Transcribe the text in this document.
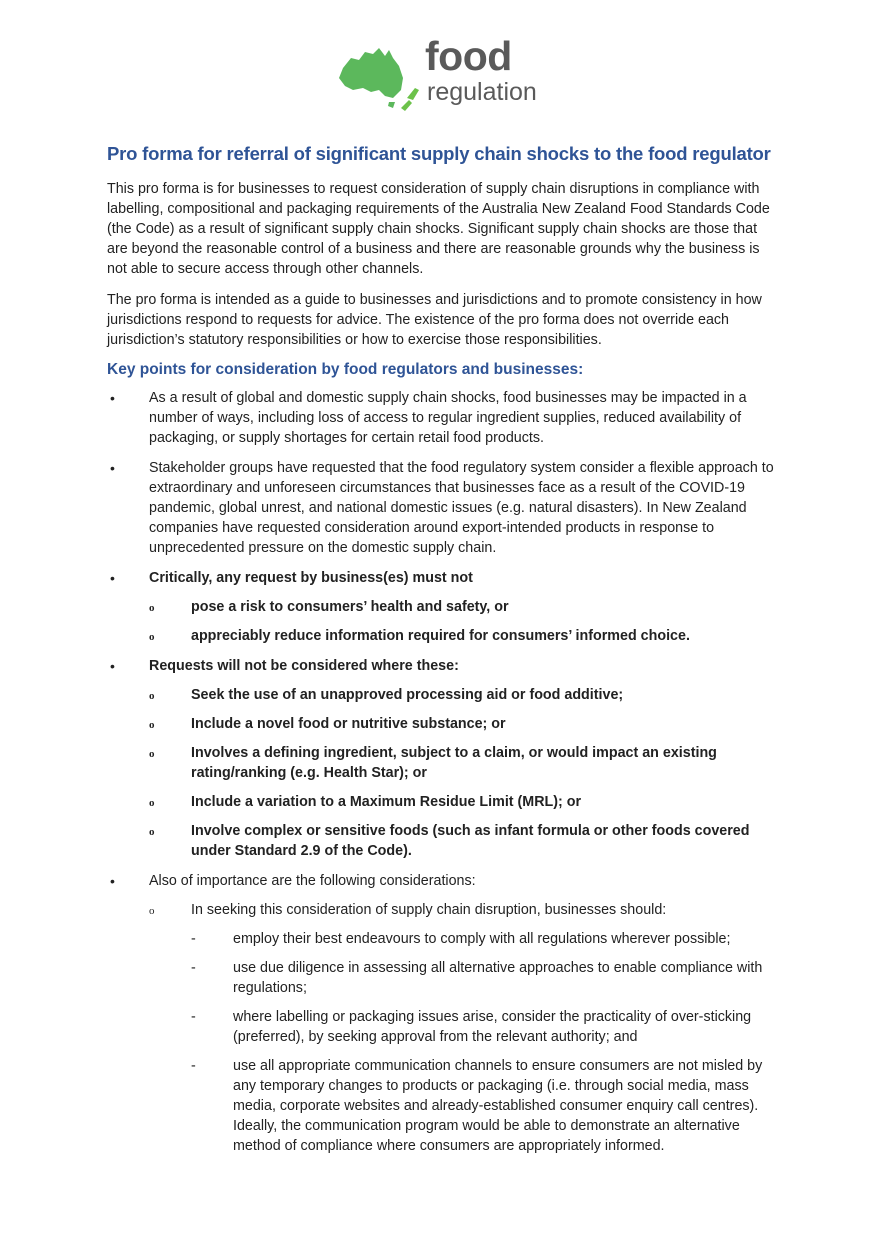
food
regulation
Pro forma for referral of significant supply chain shocks to the food regulator

This pro forma is for businesses to request consideration of supply chain disruptions in compliance with labelling, compositional and packaging requirements of the Australia New Zealand Food Standards Code (the Code) as a result of significant supply chain shocks. Significant supply chain shocks are those that are beyond the reasonable control of a business and there are reasonable grounds why the business is not able to secure access through other channels.

The pro forma is intended as a guide to businesses and jurisdictions and to promote consistency in how jurisdictions respond to requests for advice. The existence of the pro forma does not override each jurisdiction’s statutory responsibilities or how to exercise those responsibilities.

Key points for consideration by food regulators and businesses:
• As a result of global and domestic supply chain shocks, food businesses may be impacted in a number of ways, including loss of access to regular ingredient supplies, reduced availability of packaging, or supply shortages for certain retail food products.
• Stakeholder groups have requested that the food regulatory system consider a flexible approach to extraordinary and unforeseen circumstances that businesses face as a result of the COVID-19 pandemic, global unrest, and national domestic issues (e.g. natural disasters). In New Zealand companies have requested consideration around export-intended products in response to unprecedented pressure on the domestic supply chain.
• Critically, any request by business(es) must not
o	pose a risk to consumers’ health and safety, or
o	appreciably reduce information required for consumers’ informed choice.
• Requests will not be considered where these:
o	Seek the use of an unapproved processing aid or food additive;
o	Include a novel food or nutritive substance; or
o	Involves a defining ingredient, subject to a claim, or would impact an existing rating/ranking (e.g. Health Star); or
o	Include a variation to a Maximum Residue Limit (MRL); or
o	Involve complex or sensitive foods (such as infant formula or other foods covered under Standard 2.9 of the Code).
• Also of importance are the following considerations:
o	In seeking this consideration of supply chain disruption, businesses should:
-	employ their best endeavours to comply with all regulations wherever possible;
-	use due diligence in assessing all alternative approaches to enable compliance with regulations;
-	where labelling or packaging issues arise, consider the practicality of over-sticking (preferred), by seeking approval from the relevant authority; and
-	use all appropriate communication channels to ensure consumers are not misled by any temporary changes to products or packaging (i.e. through social media, mass media, corporate websites and already-established consumer enquiry call centres). Ideally, the communication program would be able to demonstrate an alternative method of compliance where consumers are appropriately informed.
